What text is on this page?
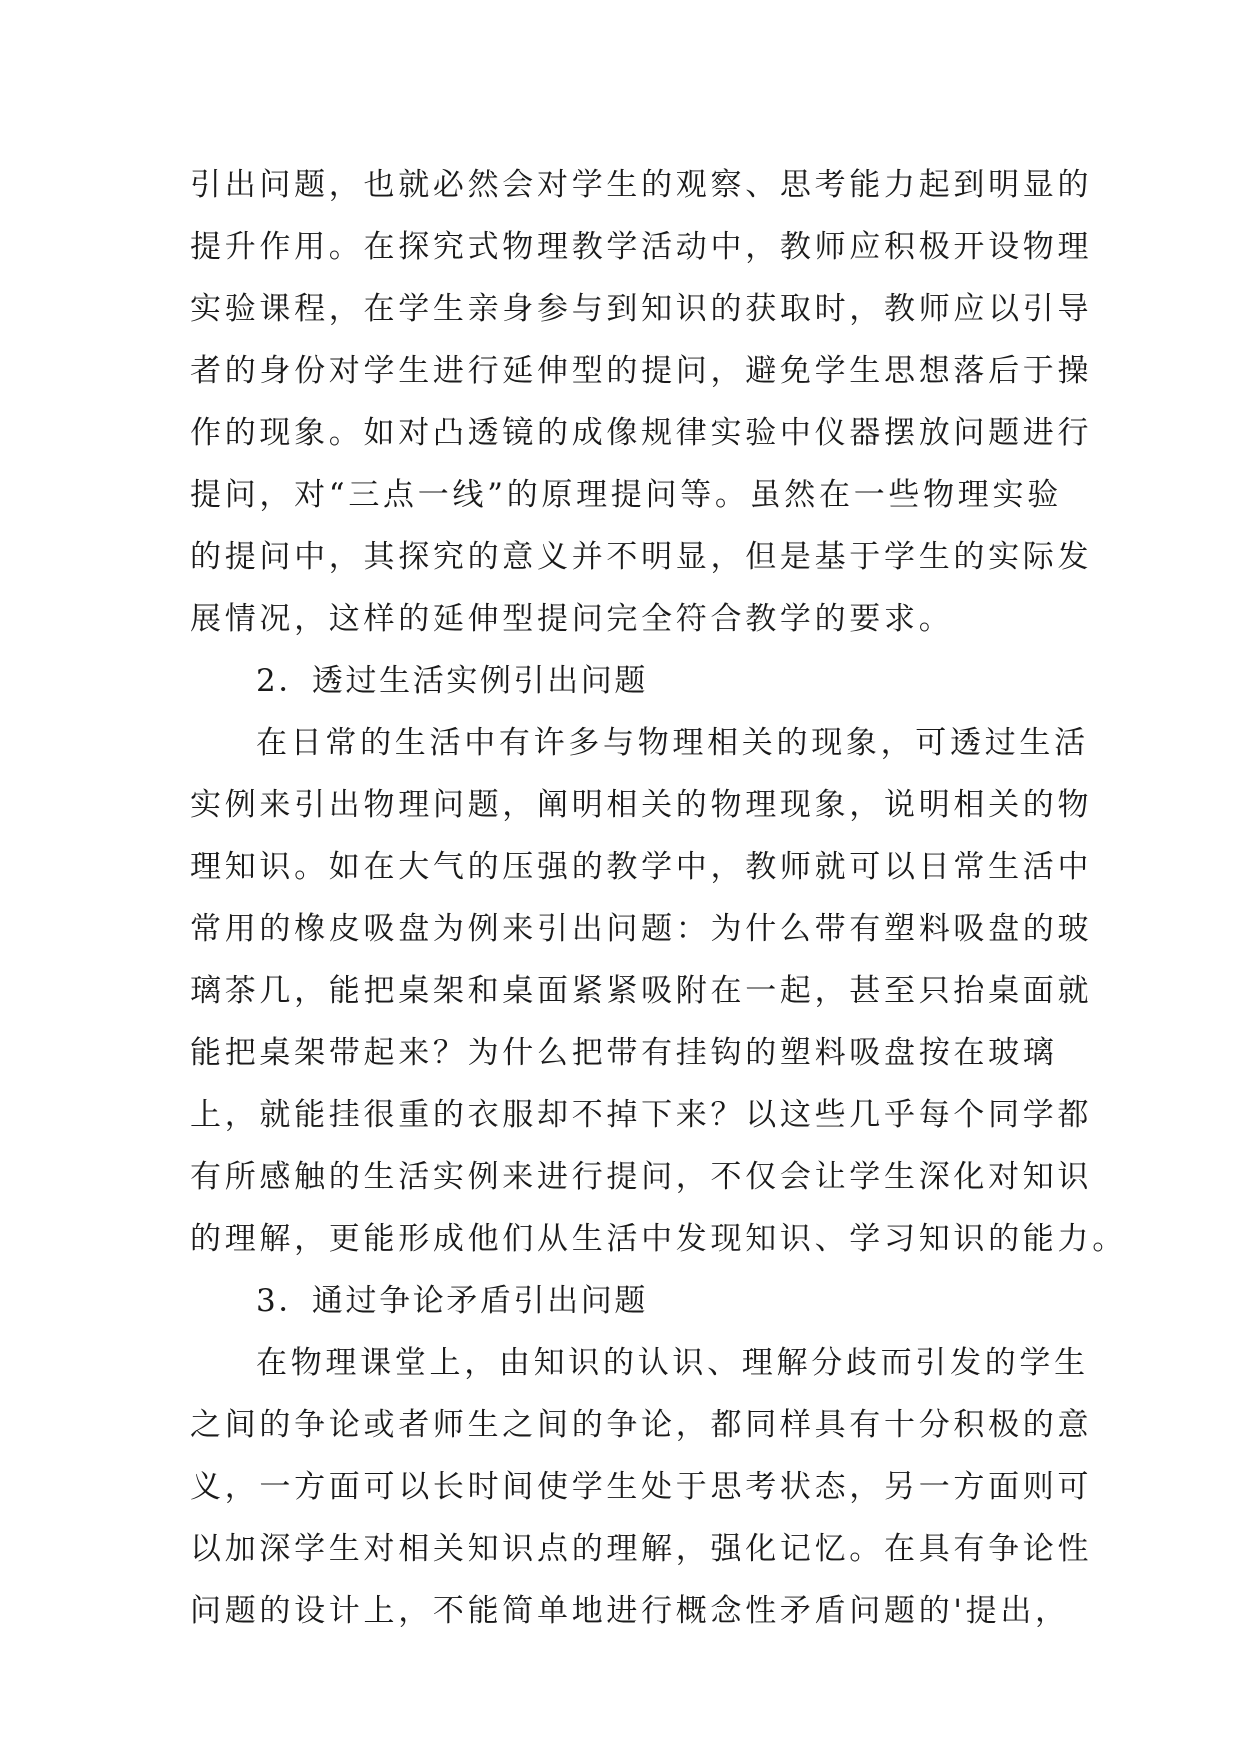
引出问题，也就必然会对学生的观察、思考能力起到明显的
提升作用。在探究式物理教学活动中，教师应积极开设物理
实验课程，在学生亲身参与到知识的获取时，教师应以引导
者的身份对学生进行延伸型的提问，避免学生思想落后于操
作的现象。如对凸透镜的成像规律实验中仪器摆放问题进行
提问，对“三点一线”的原理提问等。虽然在一些物理实验
的提问中，其探究的意义并不明显，但是基于学生的实际发
展情况，这样的延伸型提问完全符合教学的要求。
2．透过生活实例引出问题
在日常的生活中有许多与物理相关的现象，可透过生活
实例来引出物理问题，阐明相关的物理现象，说明相关的物
理知识。如在大气的压强的教学中，教师就可以日常生活中
常用的橡皮吸盘为例来引出问题：为什么带有塑料吸盘的玻
璃茶几，能把桌架和桌面紧紧吸附在一起，甚至只抬桌面就
能把桌架带起来？为什么把带有挂钩的塑料吸盘按在玻璃
上，就能挂很重的衣服却不掉下来？以这些几乎每个同学都
有所感触的生活实例来进行提问，不仅会让学生深化对知识
的理解，更能形成他们从生活中发现知识、学习知识的能力。
3．通过争论矛盾引出问题
在物理课堂上，由知识的认识、理解分歧而引发的学生
之间的争论或者师生之间的争论，都同样具有十分积极的意
义，一方面可以长时间使学生处于思考状态，另一方面则可
以加深学生对相关知识点的理解，强化记忆。在具有争论性
问题的设计上，不能简单地进行概念性矛盾问题的'提出，
